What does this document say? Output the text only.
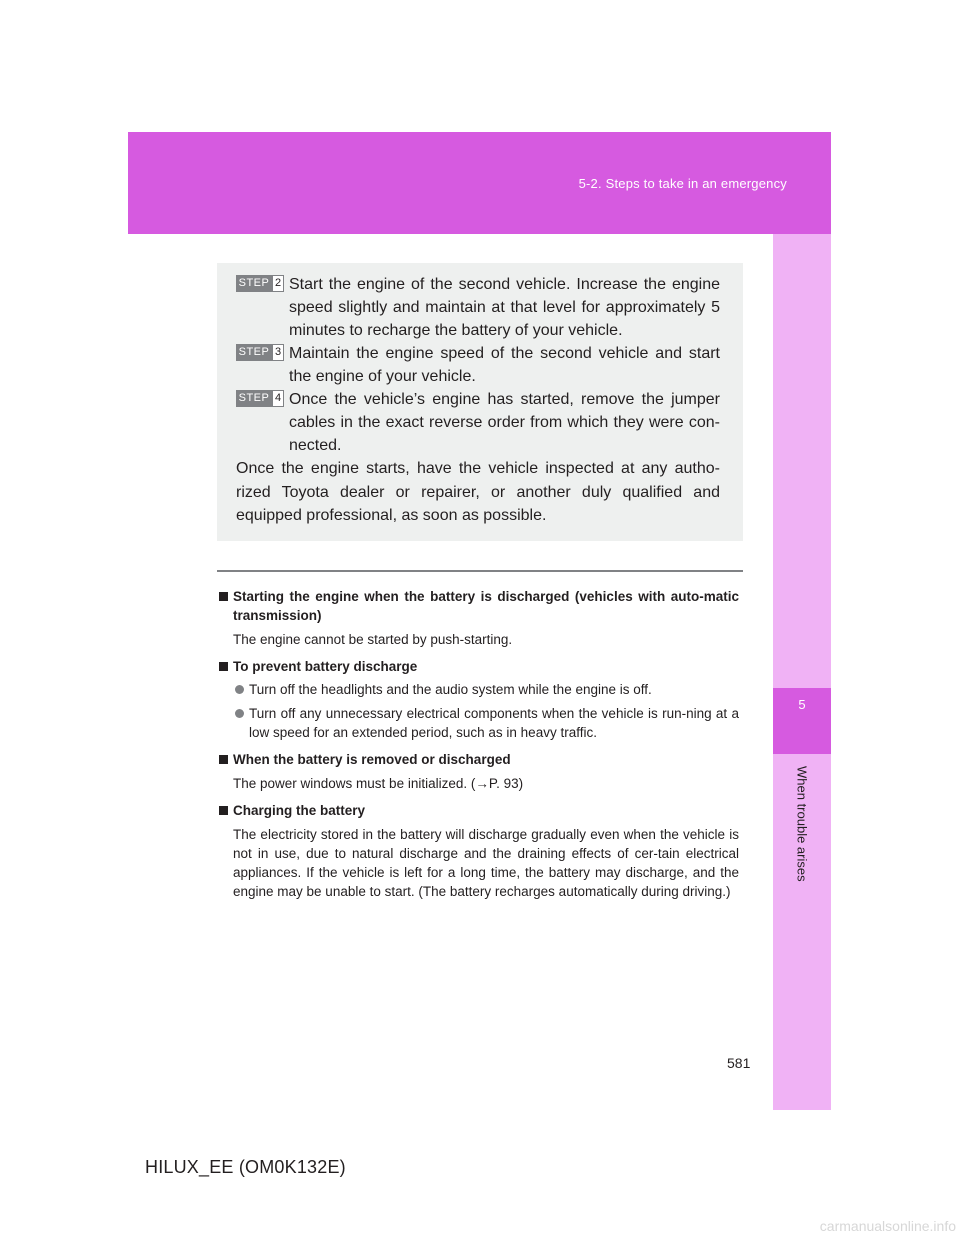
5-2. Steps to take in an emergency
5
When trouble arises
STEP 2 Start the engine of the second vehicle. Increase the engine speed slightly and maintain at that level for approximately 5 minutes to recharge the battery of your vehicle.
STEP 3 Maintain the engine speed of the second vehicle and start the engine of your vehicle.
STEP 4 Once the vehicle’s engine has started, remove the jumper cables in the exact reverse order from which they were con-nected.
Once the engine starts, have the vehicle inspected at any autho-rized Toyota dealer or repairer, or another duly qualified and equipped professional, as soon as possible.

Starting the engine when the battery is discharged (vehicles with auto-matic transmission)

The engine cannot be started by push-starting.

To prevent battery discharge

Turn off the headlights and the audio system while the engine is off.
Turn off any unnecessary electrical components when the vehicle is run-ning at a low speed for an extended period, such as in heavy traffic.

When the battery is removed or discharged

The power windows must be initialized. (→P. 93)

Charging the battery

The electricity stored in the battery will discharge gradually even when the vehicle is not in use, due to natural discharge and the draining effects of cer-tain electrical appliances. If the vehicle is left for a long time, the battery may discharge, and the engine may be unable to start. (The battery recharges automatically during driving.)
581
HILUX_EE (OM0K132E)
carmanualsonline.info
